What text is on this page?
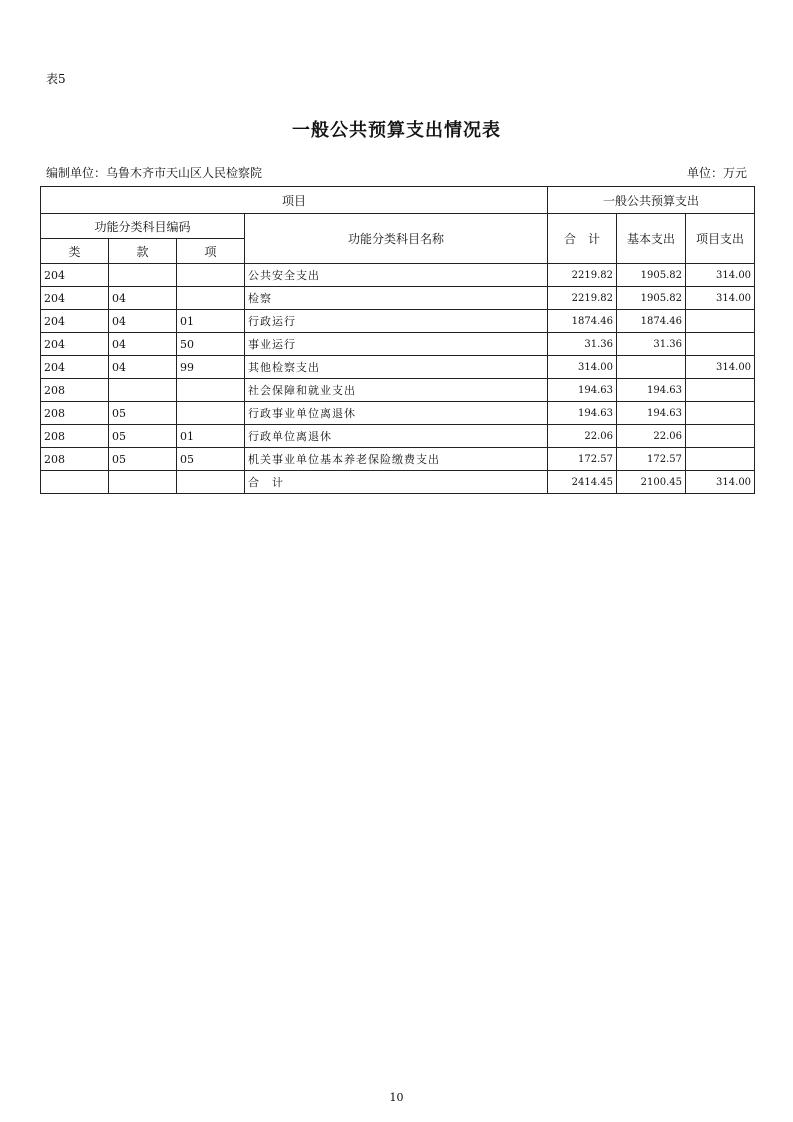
表5
一般公共预算支出情况表
编制单位：乌鲁木齐市天山区人民检察院	单位：万元
项目				一般公共预算支出		
功能分类科目编码			功能分类科目名称	合　计	基本支出	项目支出
类	款	项				
204			公共安全支出	2219.82	1905.82	314.00
204	04		检察	2219.82	1905.82	314.00
204	04	01	行政运行	1874.46	1874.46	
204	04	50	事业运行	31.36	31.36	
204	04	99	其他检察支出	314.00		314.00
208			社会保障和就业支出	194.63	194.63	
208	05		行政事业单位离退休	194.63	194.63	
208	05	01	行政单位离退休	22.06	22.06	
208	05	05	机关事业单位基本养老保险缴费支出	172.57	172.57	
			合　计	2414.45	2100.45	314.00
10
